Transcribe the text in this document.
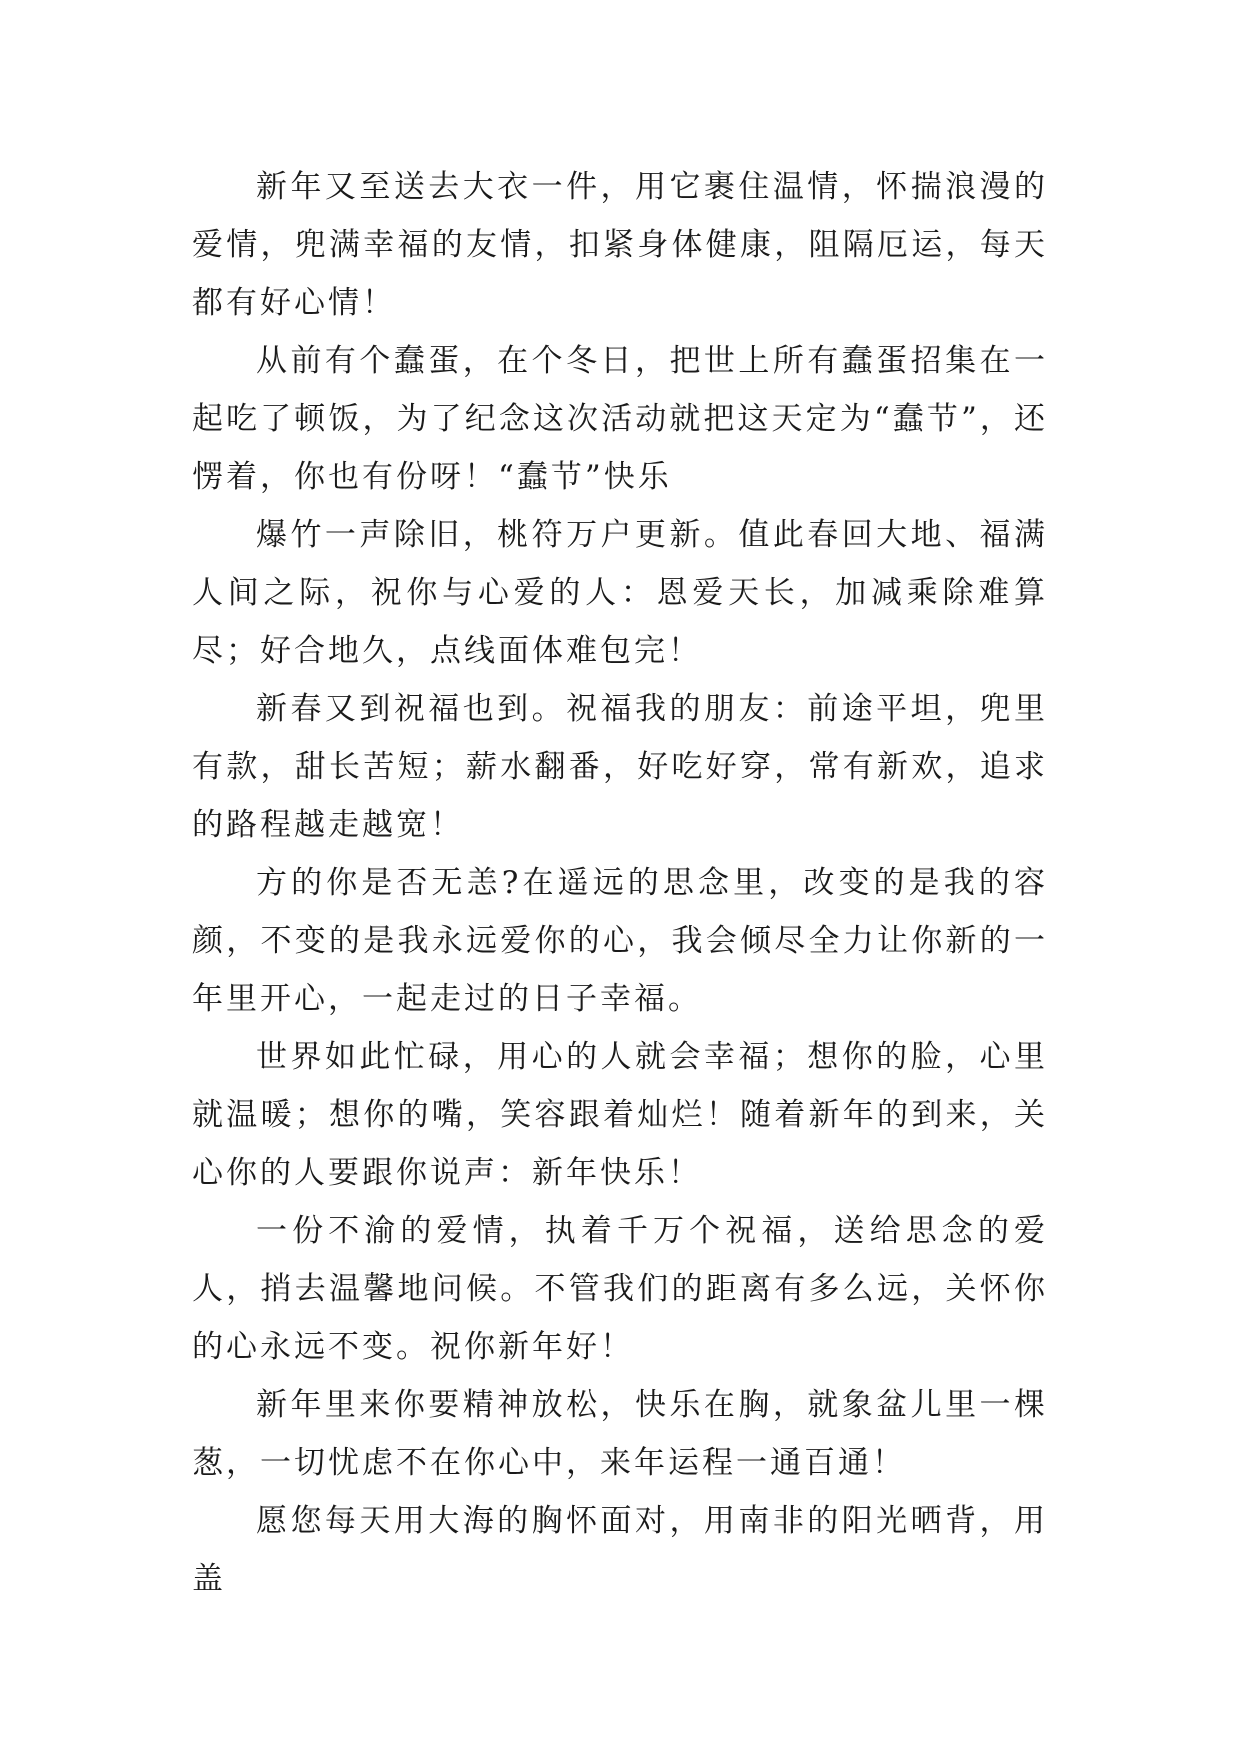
新年又至送去大衣一件，用它裹住温情，怀揣浪漫的爱情，兜满幸福的友情，扣紧身体健康，阻隔厄运，每天都有好心情！

从前有个蠢蛋，在个冬日，把世上所有蠢蛋招集在一起吃了顿饭，为了纪念这次活动就把这天定为“蠢节”，还愣着，你也有份呀！“蠢节”快乐

爆竹一声除旧，桃符万户更新。值此春回大地、福满人间之际，祝你与心爱的人：恩爱天长，加减乘除难算尽；好合地久，点线面体难包完！

新春又到祝福也到。祝福我的朋友：前途平坦，兜里有款，甜长苦短；薪水翻番，好吃好穿，常有新欢，追求的路程越走越宽！

方的你是否无恙?在遥远的思念里，改变的是我的容颜，不变的是我永远爱你的心，我会倾尽全力让你新的一年里开心，一起走过的日子幸福。

世界如此忙碌，用心的人就会幸福；想你的脸，心里就温暖；想你的嘴，笑容跟着灿烂！随着新年的到来，关心你的人要跟你说声：新年快乐！

一份不渝的爱情，执着千万个祝福，送给思念的爱人，捎去温馨地问候。不管我们的距离有多么远，关怀你的心永远不变。祝你新年好！

新年里来你要精神放松，快乐在胸，就象盆儿里一棵葱，一切忧虑不在你心中，来年运程一通百通！

愿您每天用大海的胸怀面对，用南非的阳光晒背，用盖
